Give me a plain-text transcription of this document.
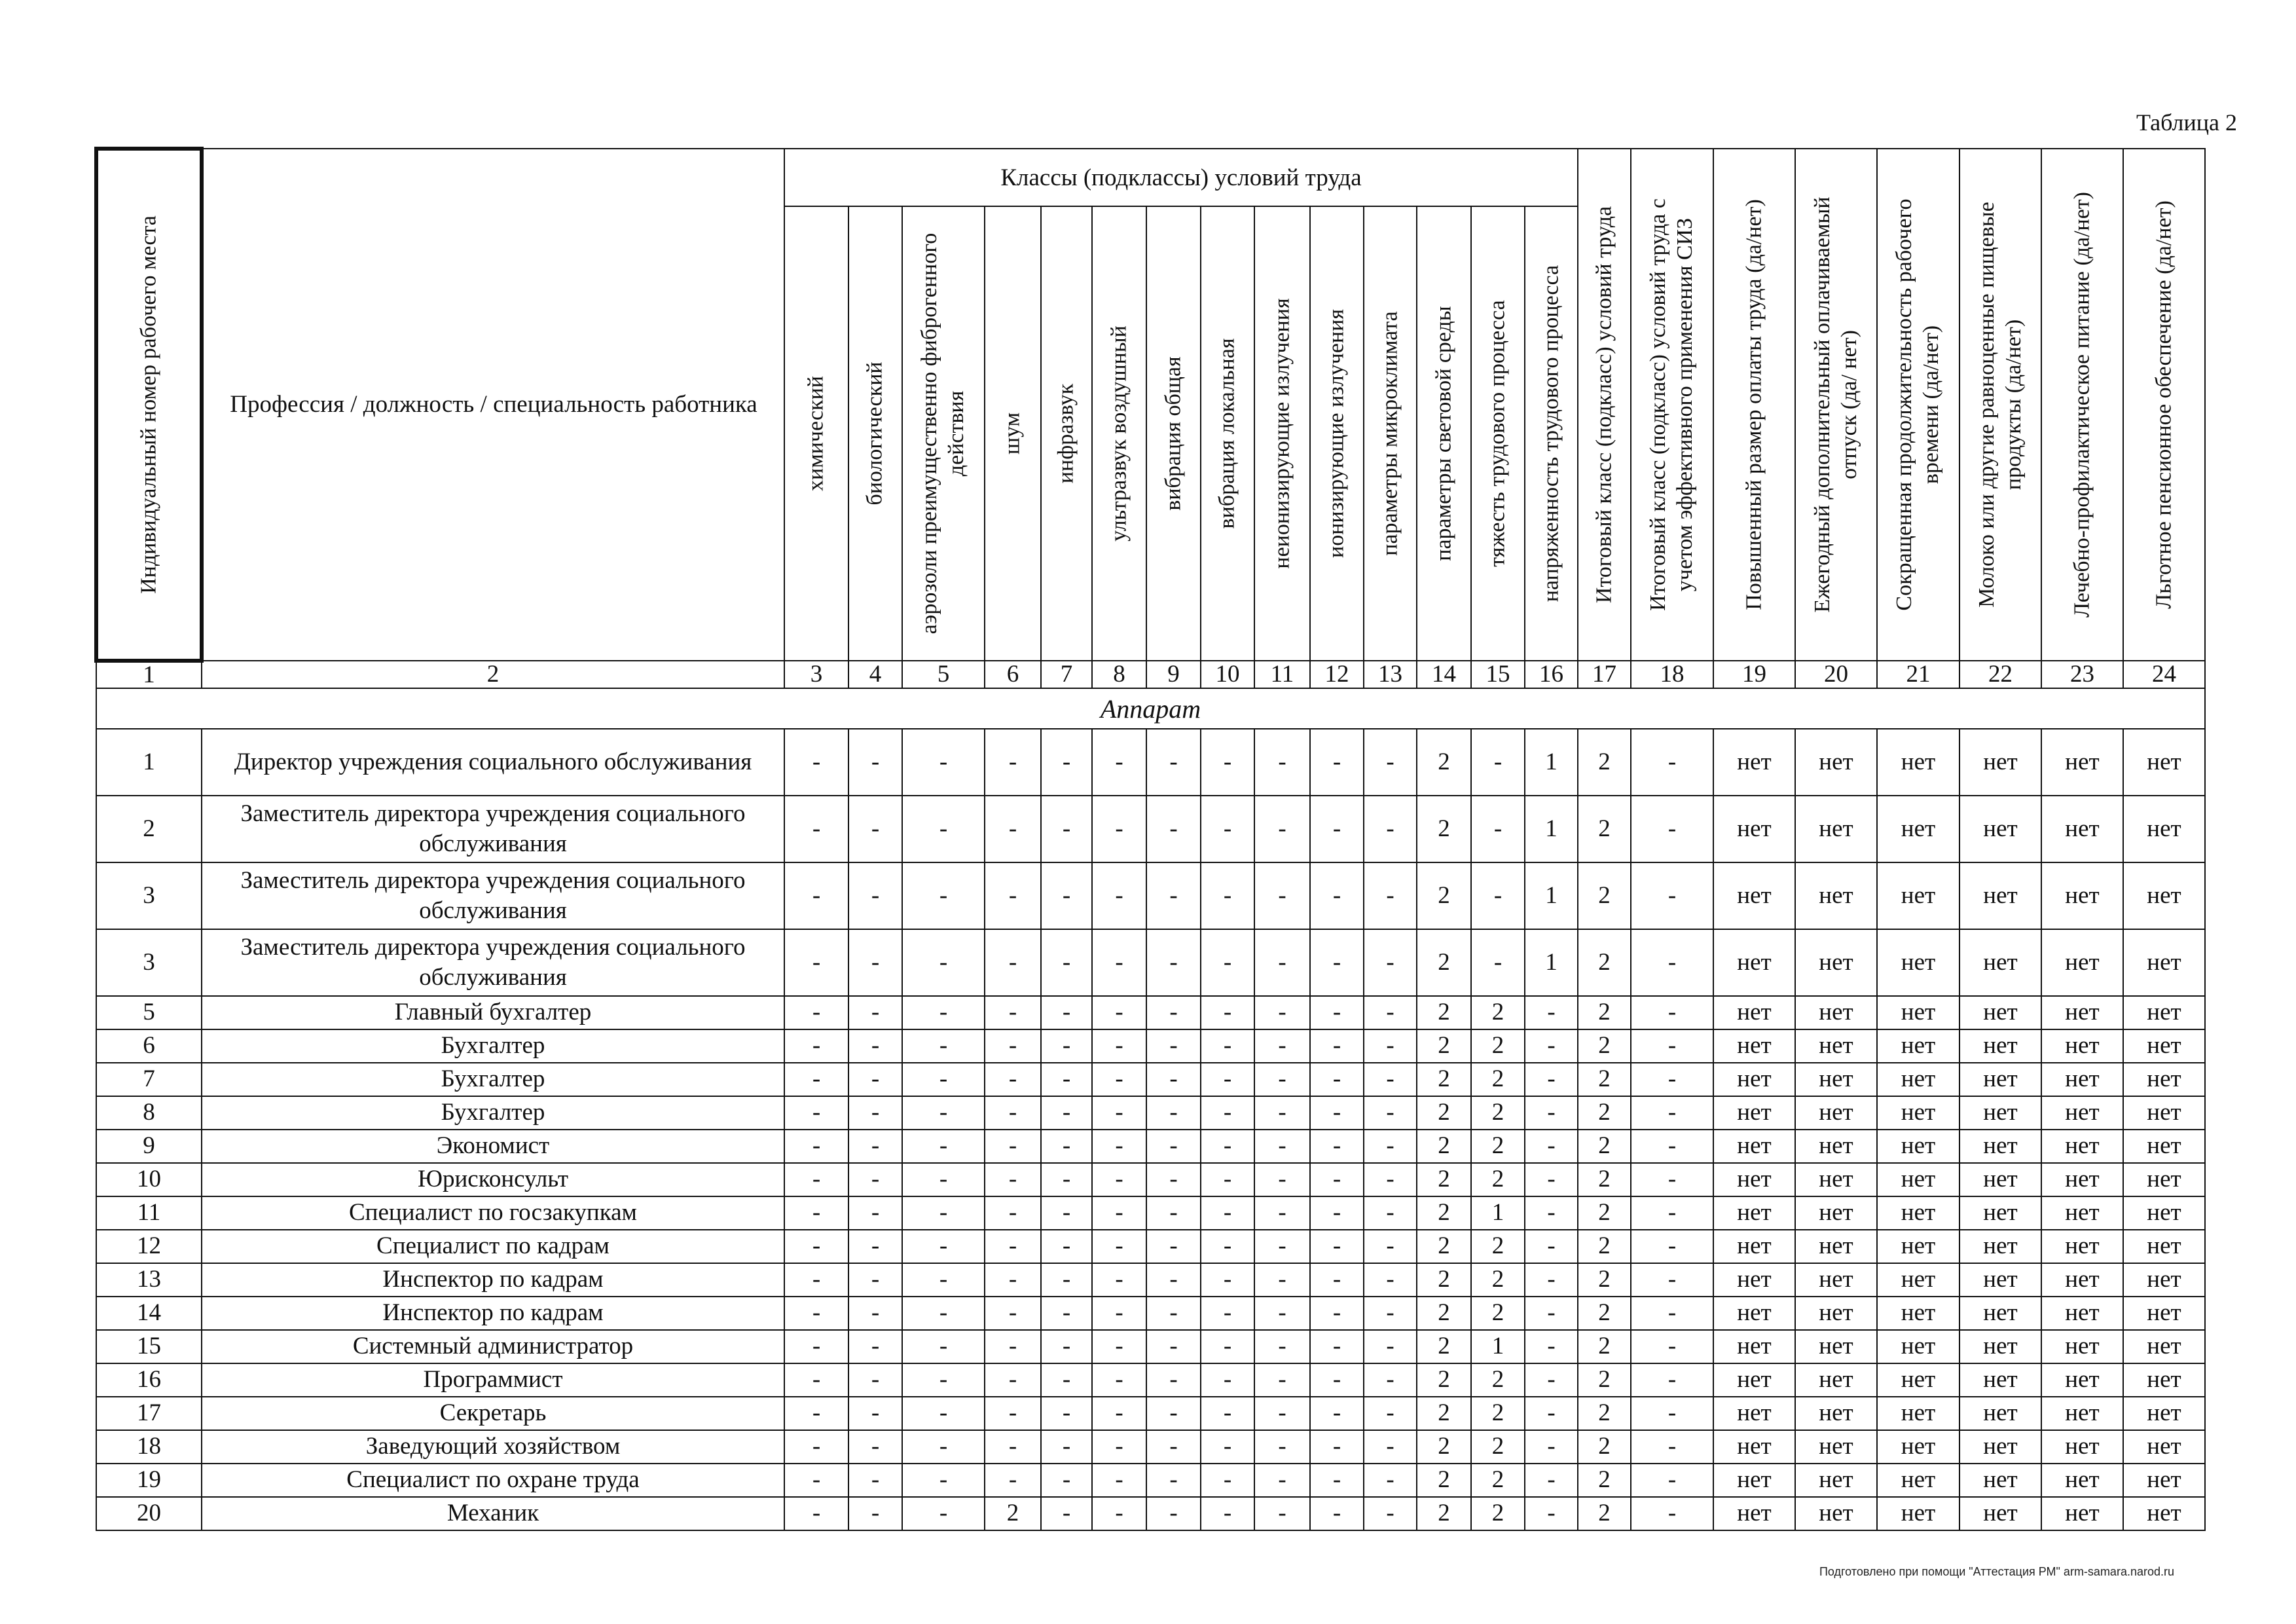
Таблица 2
Индивидуальный номер рабочего места	Профессия / должность / специальность работника	Классы (подклассы) условий труда														Итоговый класс (подкласс) условий труда	Итоговый класс (подкласс) условий труда с учетом эффективного применения СИЗ	Повышенный размер оплаты труда (да/нет)	Ежегодный дополнительный оплачиваемый отпуск (да/ нет)	Сокращенная продолжительность рабочего времени (да/нет)	Молоко или другие равноценные пищевые продукты (да/нет)	Лечебно-профилактическое питание (да/нет)	Льготное пенсионное обеспечение (да/нет)

		химический	биологический	аэрозоли преимущественно фиброгенного действия	шум	инфразвук	ультразвук воздушный	вибрация общая	вибрация локальная	неионизирующие излучения	ионизирующие излучения	параметры микроклимата	параметры световой среды	тяжесть трудового процесса	напряженность трудового процесса								

1	2	3	4	5	6	7	8	9	10	11	12	13	14	15	16	17	18	19	20	21	22	23	24
Аппарат																							
1	Директор учреждения социального обслуживания	-	-	-	-	-	-	-	-	-	-	-	2	-	1	2	-	нет	нет	нет	нет	нет	нет
2	Заместитель директора учреждения социального обслуживания	-	-	-	-	-	-	-	-	-	-	-	2	-	1	2	-	нет	нет	нет	нет	нет	нет
3	Заместитель директора учреждения социального обслуживания	-	-	-	-	-	-	-	-	-	-	-	2	-	1	2	-	нет	нет	нет	нет	нет	нет
3	Заместитель директора учреждения социального обслуживания	-	-	-	-	-	-	-	-	-	-	-	2	-	1	2	-	нет	нет	нет	нет	нет	нет
5	Главный бухгалтер	-	-	-	-	-	-	-	-	-	-	-	2	2	-	2	-	нет	нет	нет	нет	нет	нет
6	Бухгалтер	-	-	-	-	-	-	-	-	-	-	-	2	2	-	2	-	нет	нет	нет	нет	нет	нет
7	Бухгалтер	-	-	-	-	-	-	-	-	-	-	-	2	2	-	2	-	нет	нет	нет	нет	нет	нет
8	Бухгалтер	-	-	-	-	-	-	-	-	-	-	-	2	2	-	2	-	нет	нет	нет	нет	нет	нет
9	Экономист	-	-	-	-	-	-	-	-	-	-	-	2	2	-	2	-	нет	нет	нет	нет	нет	нет
10	Юрисконсульт	-	-	-	-	-	-	-	-	-	-	-	2	2	-	2	-	нет	нет	нет	нет	нет	нет
11	Специалист по госзакупкам	-	-	-	-	-	-	-	-	-	-	-	2	1	-	2	-	нет	нет	нет	нет	нет	нет
12	Специалист по кадрам	-	-	-	-	-	-	-	-	-	-	-	2	2	-	2	-	нет	нет	нет	нет	нет	нет
13	Инспектор по кадрам	-	-	-	-	-	-	-	-	-	-	-	2	2	-	2	-	нет	нет	нет	нет	нет	нет
14	Инспектор по кадрам	-	-	-	-	-	-	-	-	-	-	-	2	2	-	2	-	нет	нет	нет	нет	нет	нет
15	Системный администратор	-	-	-	-	-	-	-	-	-	-	-	2	1	-	2	-	нет	нет	нет	нет	нет	нет
16	Программист	-	-	-	-	-	-	-	-	-	-	-	2	2	-	2	-	нет	нет	нет	нет	нет	нет
17	Секретарь	-	-	-	-	-	-	-	-	-	-	-	2	2	-	2	-	нет	нет	нет	нет	нет	нет
18	Заведующий хозяйством	-	-	-	-	-	-	-	-	-	-	-	2	2	-	2	-	нет	нет	нет	нет	нет	нет
19	Специалист по охране труда	-	-	-	-	-	-	-	-	-	-	-	2	2	-	2	-	нет	нет	нет	нет	нет	нет
20	Механик	-	-	-	2	-	-	-	-	-	-	-	2	2	-	2	-	нет	нет	нет	нет	нет	нет
Подготовлено при помощи "Аттестация РМ" arm-samara.narod.ru
